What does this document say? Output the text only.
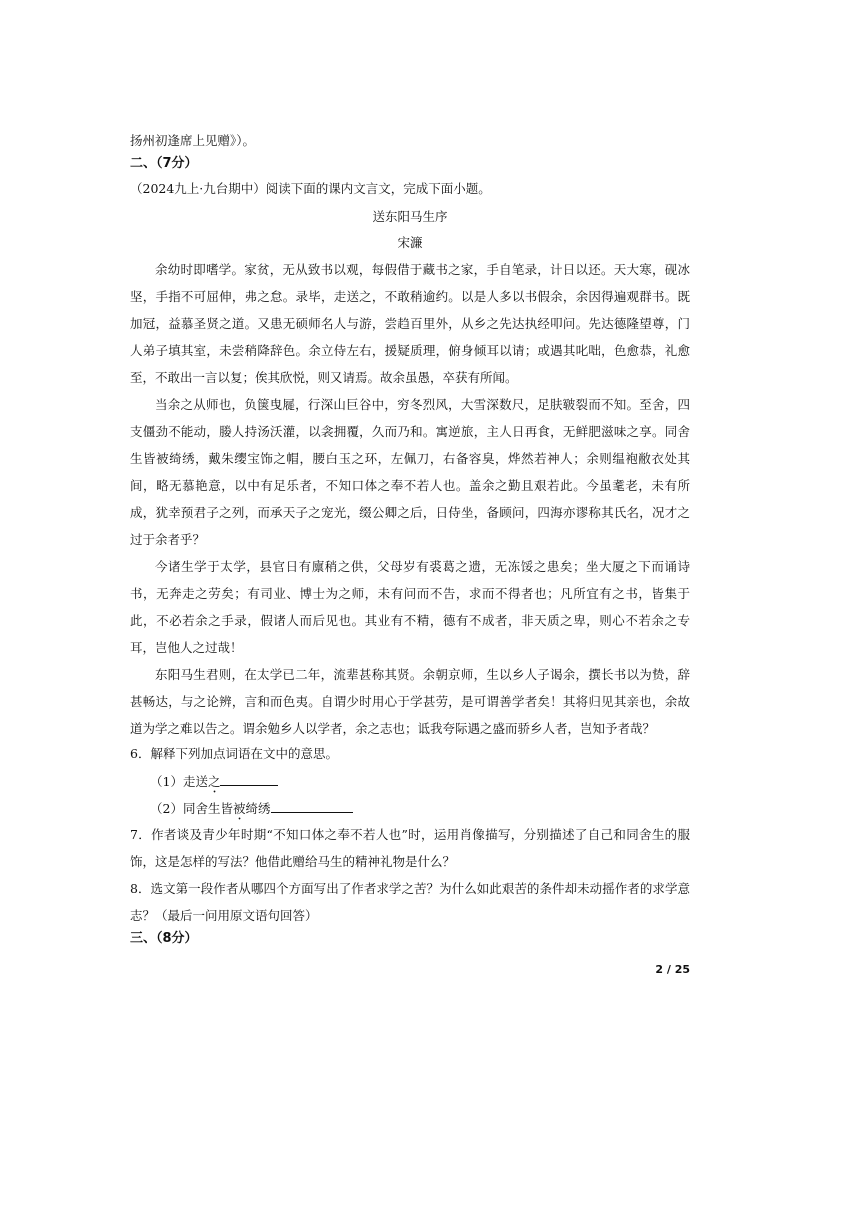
扬州初逢席上见赠》）。
二、（7分）
（2024九上·九台期中）阅读下面的课内文言文，完成下面小题。
送东阳马生序
宋濂
余幼时即嗜学。家贫，无从致书以观，每假借于藏书之家，手自笔录，计日以还。天大寒，砚冰坚，手指不可屈伸，弗之怠。录毕，走送之，不敢稍逾约。以是人多以书假余，余因得遍观群书。既加冠，益慕圣贤之道。又患无硕师名人与游，尝趋百里外，从乡之先达执经叩问。先达德隆望尊，门人弟子填其室，未尝稍降辞色。余立侍左右，援疑质理，俯身倾耳以请；或遇其叱咄，色愈恭，礼愈至，不敢出一言以复；俟其欣悦，则又请焉。故余虽愚，卒获有所闻。
当余之从师也，负箧曳屣，行深山巨谷中，穷冬烈风，大雪深数尺，足肤皲裂而不知。至舍，四支僵劲不能动，媵人持汤沃灌，以衾拥覆，久而乃和。寓逆旅，主人日再食，无鲜肥滋味之享。同舍生皆被绮绣，戴朱缨宝饰之帽，腰白玉之环，左佩刀，右备容臭，烨然若神人；余则缊袍敝衣处其间，略无慕艳意，以中有足乐者，不知口体之奉不若人也。盖余之勤且艰若此。今虽耄老，未有所成，犹幸预君子之列，而承天子之宠光，缀公卿之后，日侍坐，备顾问，四海亦谬称其氏名，况才之过于余者乎？
今诸生学于太学，县官日有廪稍之供，父母岁有裘葛之遗，无冻馁之患矣；坐大厦之下而诵诗书，无奔走之劳矣；有司业、博士为之师，未有问而不告，求而不得者也；凡所宜有之书，皆集于此，不必若余之手录，假诸人而后见也。其业有不精，德有不成者，非天质之卑，则心不若余之专耳，岂他人之过哉！
东阳马生君则，在太学已二年，流辈甚称其贤。余朝京师，生以乡人子谒余，撰长书以为贽，辞甚畅达，与之论辨，言和而色夷。自谓少时用心于学甚劳，是可谓善学者矣！其将归见其亲也，余故道为学之难以告之。谓余勉乡人以学者，余之志也；诋我夸际遇之盛而骄乡人者，岂知予者哉？
6．解释下列加点词语在文中的意思。
（1）走送之
（2）同舍生皆被绮绣
7．作者谈及青少年时期“不知口体之奉不若人也”时，运用肖像描写，分别描述了自己和同舍生的服饰，这是怎样的写法？他借此赠给马生的精神礼物是什么？
8．选文第一段作者从哪四个方面写出了作者求学之苦？为什么如此艰苦的条件却未动摇作者的求学意志？（最后一问用原文语句回答）
三、（8分）
2 / 25
